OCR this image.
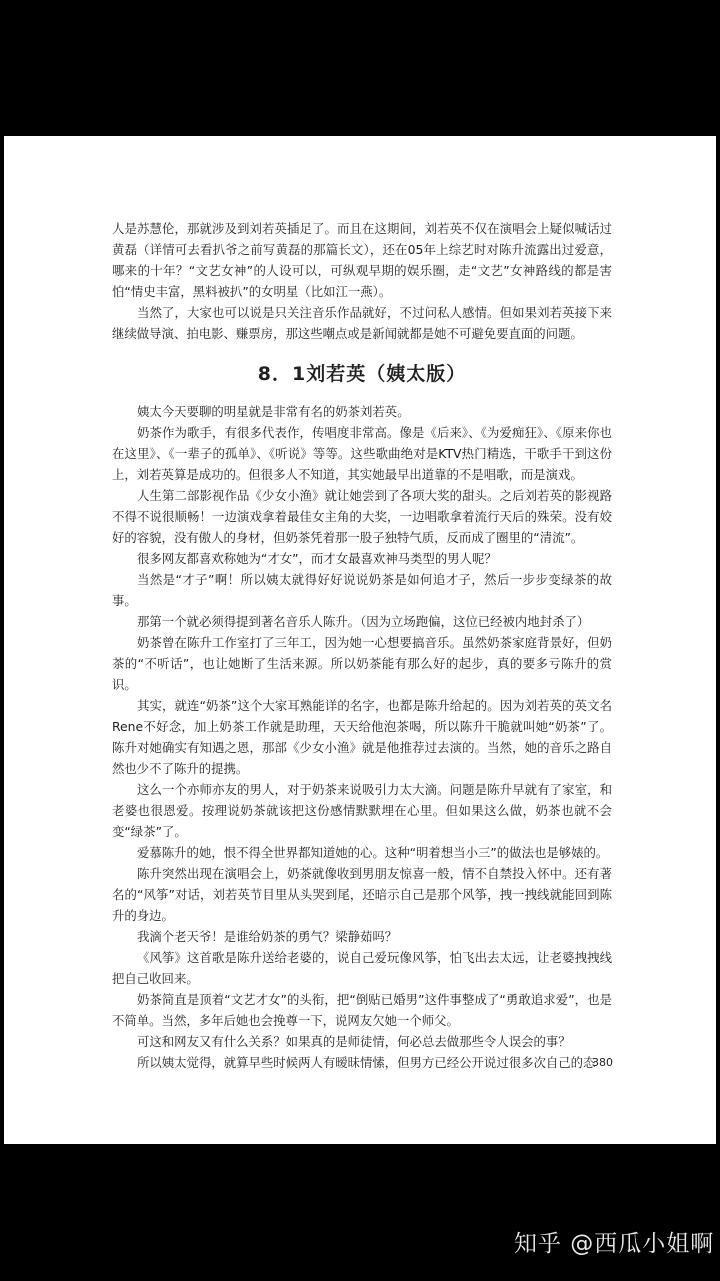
人是苏慧伦，那就涉及到刘若英插足了。而且在这期间，刘若英不仅在演唱会上疑似喊话过黄磊（详情可去看扒爷之前写黄磊的那篇长文），还在05年上综艺时对陈升流露出过爱意，哪来的十年？“文艺女神”的人设可以，可纵观早期的娱乐圈，走“文艺”女神路线的都是害怕“情史丰富，黑料被扒”的女明星（比如江一燕）。

当然了，大家也可以说是只关注音乐作品就好，不过问私人感情。但如果刘若英接下来继续做导演、拍电影、赚票房，那这些嘲点或是新闻就都是她不可避免要直面的问题。

8．1刘若英（姨太版）

姨太今天要聊的明星就是非常有名的奶茶刘若英。

奶茶作为歌手，有很多代表作，传唱度非常高。像是《后来》、《为爱痴狂》、《原来你也在这里》、《一辈子的孤单》、《听说》等等。这些歌曲绝对是KTV热门精选，干歌手干到这份上，刘若英算是成功的。但很多人不知道，其实她最早出道靠的不是唱歌，而是演戏。

人生第二部影视作品《少女小渔》就让她尝到了各项大奖的甜头。之后刘若英的影视路不得不说很顺畅！一边演戏拿着最佳女主角的大奖，一边唱歌拿着流行天后的殊荣。没有姣好的容貌，没有傲人的身材，但奶茶凭着那一股子独特气质，反而成了圈里的“清流”。

很多网友都喜欢称她为“才女”，而才女最喜欢神马类型的男人呢？

当然是“才子”啊！所以姨太就得好好说说奶茶是如何追才子，然后一步步变绿茶的故事。

那第一个就必须得提到著名音乐人陈升。（因为立场跑偏，这位已经被内地封杀了）

奶茶曾在陈升工作室打了三年工，因为她一心想要搞音乐。虽然奶茶家庭背景好，但奶茶的“不听话”，也让她断了生活来源。所以奶茶能有那么好的起步，真的要多亏陈升的赏识。

其实，就连“奶茶”这个大家耳熟能详的名字，也都是陈升给起的。因为刘若英的英文名Rene不好念，加上奶茶工作就是助理，天天给他泡茶喝，所以陈升干脆就叫她“奶茶”了。陈升对她确实有知遇之恩，那部《少女小渔》就是他推荐过去演的。当然，她的音乐之路自然也少不了陈升的提携。

这么一个亦师亦友的男人，对于奶茶来说吸引力太大滴。问题是陈升早就有了家室，和老婆也很恩爱。按理说奶茶就该把这份感情默默埋在心里。但如果这么做，奶茶也就不会变“绿茶”了。

爱慕陈升的她，恨不得全世界都知道她的心。这种“明着想当小三”的做法也是够婊的。

陈升突然出现在演唱会上，奶茶就像收到男朋友惊喜一般，情不自禁投入怀中。还有著名的“风筝”对话，刘若英节目里从头哭到尾，还暗示自己是那个风筝，拽一拽线就能回到陈升的身边。

我滴个老天爷！是谁给奶茶的勇气？梁静茹吗？

《风筝》这首歌是陈升送给老婆的，说自己爱玩像风筝，怕飞出去太远，让老婆拽拽线把自己收回来。

奶茶简直是顶着“文艺才女”的头衔，把“倒贴已婚男”这件事整成了“勇敢追求爱”，也是不简单。当然，多年后她也会挽尊一下，说网友欠她一个师父。

可这和网友又有什么关系？如果真的是师徒情，何必总去做那些令人误会的事？

所以姨太觉得，就算早些时候两人有暧昧情愫，但男方已经公开说过很多次自己的态

380
知乎 @西瓜小姐啊
